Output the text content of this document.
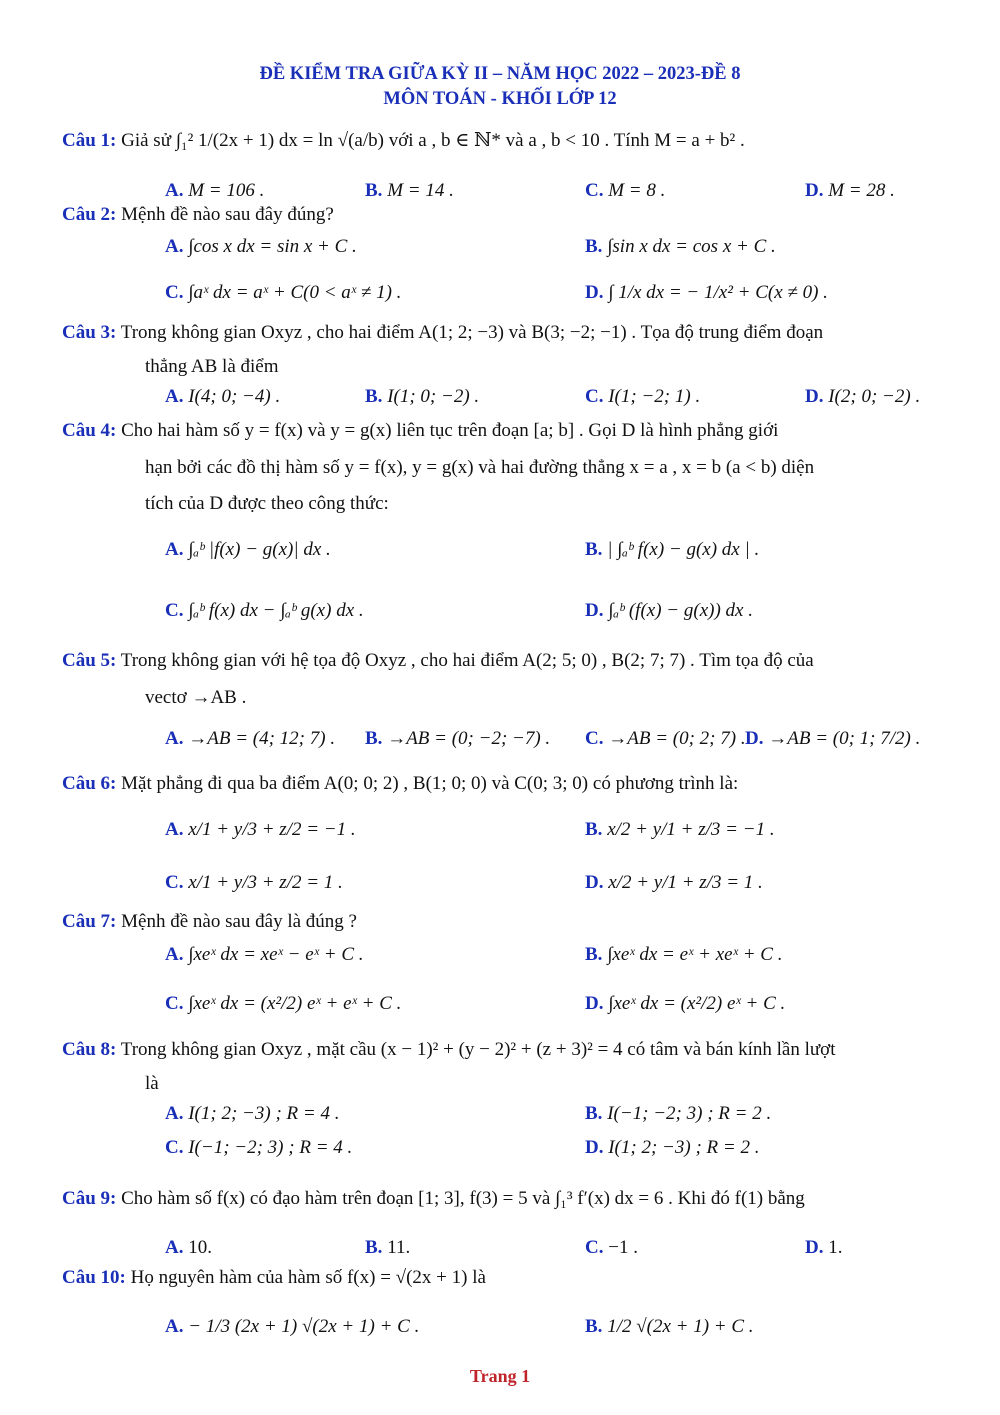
ĐỀ KIỂM TRA GIỮA KỲ II – NĂM HỌC 2022 – 2023-ĐỀ 8
MÔN TOÁN - KHỐI LỚP 12
Câu 1: Giả sử ∫₁² 1/(2x + 1) dx = ln √(a/b) với a , b ∈ ℕ* và a , b < 10 . Tính M = a + b² .
A. M = 106 .	B. M = 14 .	C. M = 8 .	D. M = 28 .
Câu 2: Mệnh đề nào sau đây đúng?
A. ∫cos x dx = sin x + C .	B. ∫sin x dx = cos x + C .
C. ∫aˣ dx = aˣ + C(0 < aˣ ≠ 1) .	D. ∫ 1/x dx = − 1/x² + C(x ≠ 0) .
Câu 3: Trong không gian Oxyz , cho hai điểm A(1; 2; −3) và B(3; −2; −1) . Tọa độ trung điểm đoạn
thẳng AB là điểm
A. I(4; 0; −4) .	B. I(1; 0; −2) .	C. I(1; −2; 1) .	D. I(2; 0; −2) .
Câu 4: Cho hai hàm số y = f(x) và y = g(x) liên tục trên đoạn [a; b] . Gọi D là hình phẳng giới
hạn bởi các đồ thị hàm số y = f(x), y = g(x) và hai đường thẳng x = a , x = b (a < b) diện
tích của D được theo công thức:
A. ∫ₐᵇ |f(x) − g(x)| dx .	B. | ∫ₐᵇ f(x) − g(x) dx | .
C. ∫ₐᵇ f(x) dx − ∫ₐᵇ g(x) dx .	D. ∫ₐᵇ (f(x) − g(x)) dx .
Câu 5: Trong không gian với hệ tọa độ Oxyz , cho hai điểm A(2; 5; 0) , B(2; 7; 7) . Tìm tọa độ của
vectơ →AB .
A. →AB = (4; 12; 7) . B. →AB = (0; −2; −7) . C. →AB = (0; 2; 7) . D. →AB = (0; 1; 7/2) .
Câu 6: Mặt phẳng đi qua ba điểm A(0; 0; 2) , B(1; 0; 0) và C(0; 3; 0) có phương trình là:
A. x/1 + y/3 + z/2 = −1 .	B. x/2 + y/1 + z/3 = −1 .
C. x/1 + y/3 + z/2 = 1 .	D. x/2 + y/1 + z/3 = 1 .
Câu 7: Mệnh đề nào sau đây là đúng ?
A. ∫xeˣ dx = xeˣ − eˣ + C .	B. ∫xeˣ dx = eˣ + xeˣ + C .
C. ∫xeˣ dx = (x²/2) eˣ + eˣ + C .	D. ∫xeˣ dx = (x²/2) eˣ + C .
Câu 8: Trong không gian Oxyz , mặt cầu (x − 1)² + (y − 2)² + (z + 3)² = 4 có tâm và bán kính lần lượt
là
A. I(1; 2; −3) ; R = 4 .	B. I(−1; −2; 3) ; R = 2 .
C. I(−1; −2; 3) ; R = 4 .	D. I(1; 2; −3) ; R = 2 .
Câu 9: Cho hàm số f(x) có đạo hàm trên đoạn [1; 3], f(3) = 5 và ∫₁³ f′(x) dx = 6 . Khi đó f(1) bằng
A. 10.	B. 11.	C. −1 .	D. 1.
Câu 10: Họ nguyên hàm của hàm số f(x) = √(2x + 1) là
A. − 1/3 (2x + 1) √(2x + 1) + C .	B. 1/2 √(2x + 1) + C .
Trang 1
